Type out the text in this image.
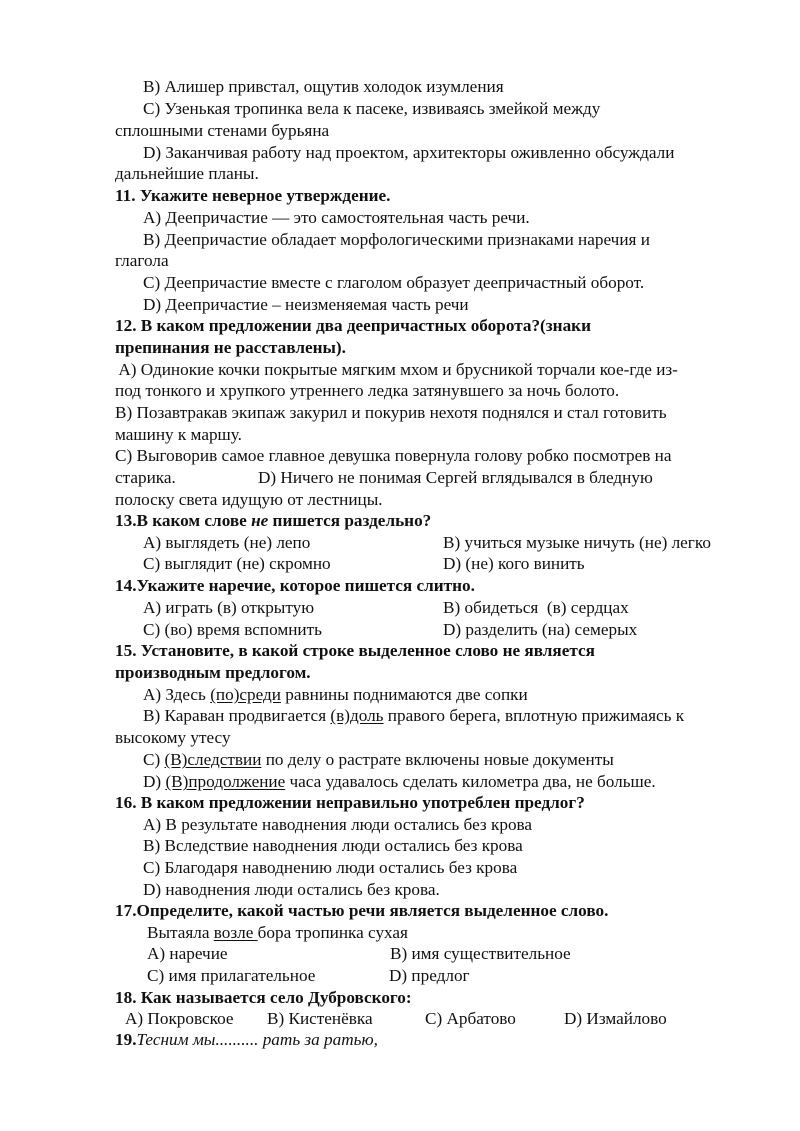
B) Алишер привстал, ощутив холодок изумления
C) Узенькая тропинка вела к пасеке, извиваясь змейкой между
сплошными стенами бурьяна
D) Заканчивая работу над проектом, архитекторы оживленно обсуждали
дальнейшие планы.
11. Укажите неверное утверждение.
A) Деепричастие — это самостоятельная часть речи.
B) Деепричастие обладает морфологическими признаками наречия и
глагола
C) Деепричастие вместе с глаголом образует деепричастный оборот.
D) Деепричастие – неизменяемая часть речи
12. В каком предложении два деепричастных оборота?(знаки
препинания не расставлены).
A) Одинокие кочки покрытые мягким мхом и брусникой торчали кое-где из-
под тонкого и хрупкого утреннего ледка затянувшего за ночь болото.
B) Позавтракав экипаж закурил и покурив нехотя поднялся и стал готовить
машину к маршу.
C) Выговорив самое главное девушка повернула голову робко посмотрев на
старика.	D) Ничего не понимая Сергей вглядывался в бледную
полоску света идущую от лестницы.
13.В каком слове не пишется раздельно?
A) выглядеть (не) лепо	B) учиться музыке ничуть (не) легко
C) выглядит (не) скромно	D) (не) кого винить
14.Укажите наречие, которое пишется слитно.
A) играть (в) открытую	B) обидеться  (в) сердцах
C) (во) время вспомнить	D) разделить (на) семерых
15. Установите, в какой строке выделенное слово не является
производным предлогом.
A) Здесь (по)среди равнины поднимаются две сопки
B) Караван продвигается (в)доль правого берега, вплотную прижимаясь к
высокому утесу
C) (В)следствии по делу о растрате включены новые документы
D) (В)продолжение часа удавалось сделать километра два, не больше.
16. В каком предложении неправильно употреблен предлог?
A) В результате наводнения люди остались без крова
B) Вследствие наводнения люди остались без крова
C) Благодаря наводнению люди остались без крова
D) наводнения люди остались без крова.
17.Определите, какой частью речи является выделенное слово.
Вытаяла возле бора тропинка сухая
A) наречие	B) имя существительное
C) имя прилагательное	D) предлог
18. Как называется село Дубровского:
A) Покровское B) Кистенёвка	C) Арбатово	D) Измайлово
19.Тесним мы.......... рать за ратью,
